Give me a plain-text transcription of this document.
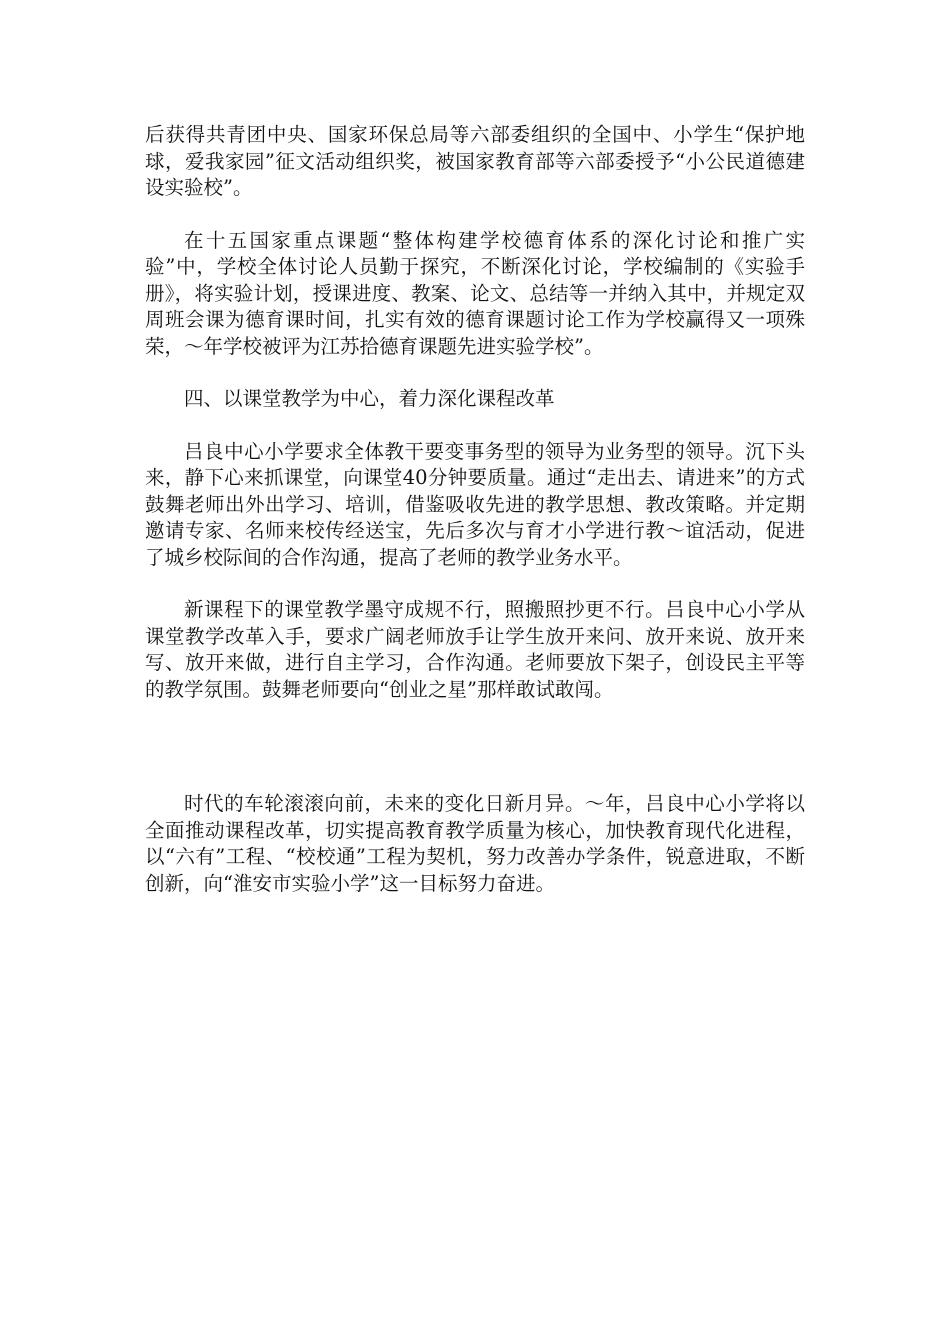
后获得共青团中央、国家环保总局等六部委组织的全国中、小学生“保护地球，爱我家园”征文活动组织奖，被国家教育部等六部委授予“小公民道德建设实验校”。

在十五国家重点课题“整体构建学校德育体系的深化讨论和推广实验”中，学校全体讨论人员勤于探究，不断深化讨论，学校编制的《实验手册》，将实验计划，授课进度、教案、论文、总结等一并纳入其中，并规定双周班会课为德育课时间，扎实有效的德育课题讨论工作为学校赢得又一项殊荣，～年学校被评为江苏拾德育课题先进实验学校”。

四、以课堂教学为中心，着力深化课程改革

吕良中心小学要求全体教干要变事务型的领导为业务型的领导。沉下头来，静下心来抓课堂，向课堂40分钟要质量。通过“走出去、请进来”的方式鼓舞老师出外出学习、培训，借鉴吸收先进的教学思想、教改策略。并定期邀请专家、名师来校传经送宝，先后多次与育才小学进行教～谊活动，促进了城乡校际间的合作沟通，提高了老师的教学业务水平。

新课程下的课堂教学墨守成规不行，照搬照抄更不行。吕良中心小学从课堂教学改革入手，要求广阔老师放手让学生放开来问、放开来说、放开来写、放开来做，进行自主学习，合作沟通。老师要放下架子，创设民主平等的教学氛围。鼓舞老师要向“创业之星”那样敢试敢闯。

时代的车轮滚滚向前，未来的变化日新月异。～年，吕良中心小学将以全面推动课程改革，切实提高教育教学质量为核心，加快教育现代化进程，以“六有”工程、“校校通”工程为契机，努力改善办学条件，锐意进取，不断创新，向“淮安市实验小学”这一目标努力奋进。
